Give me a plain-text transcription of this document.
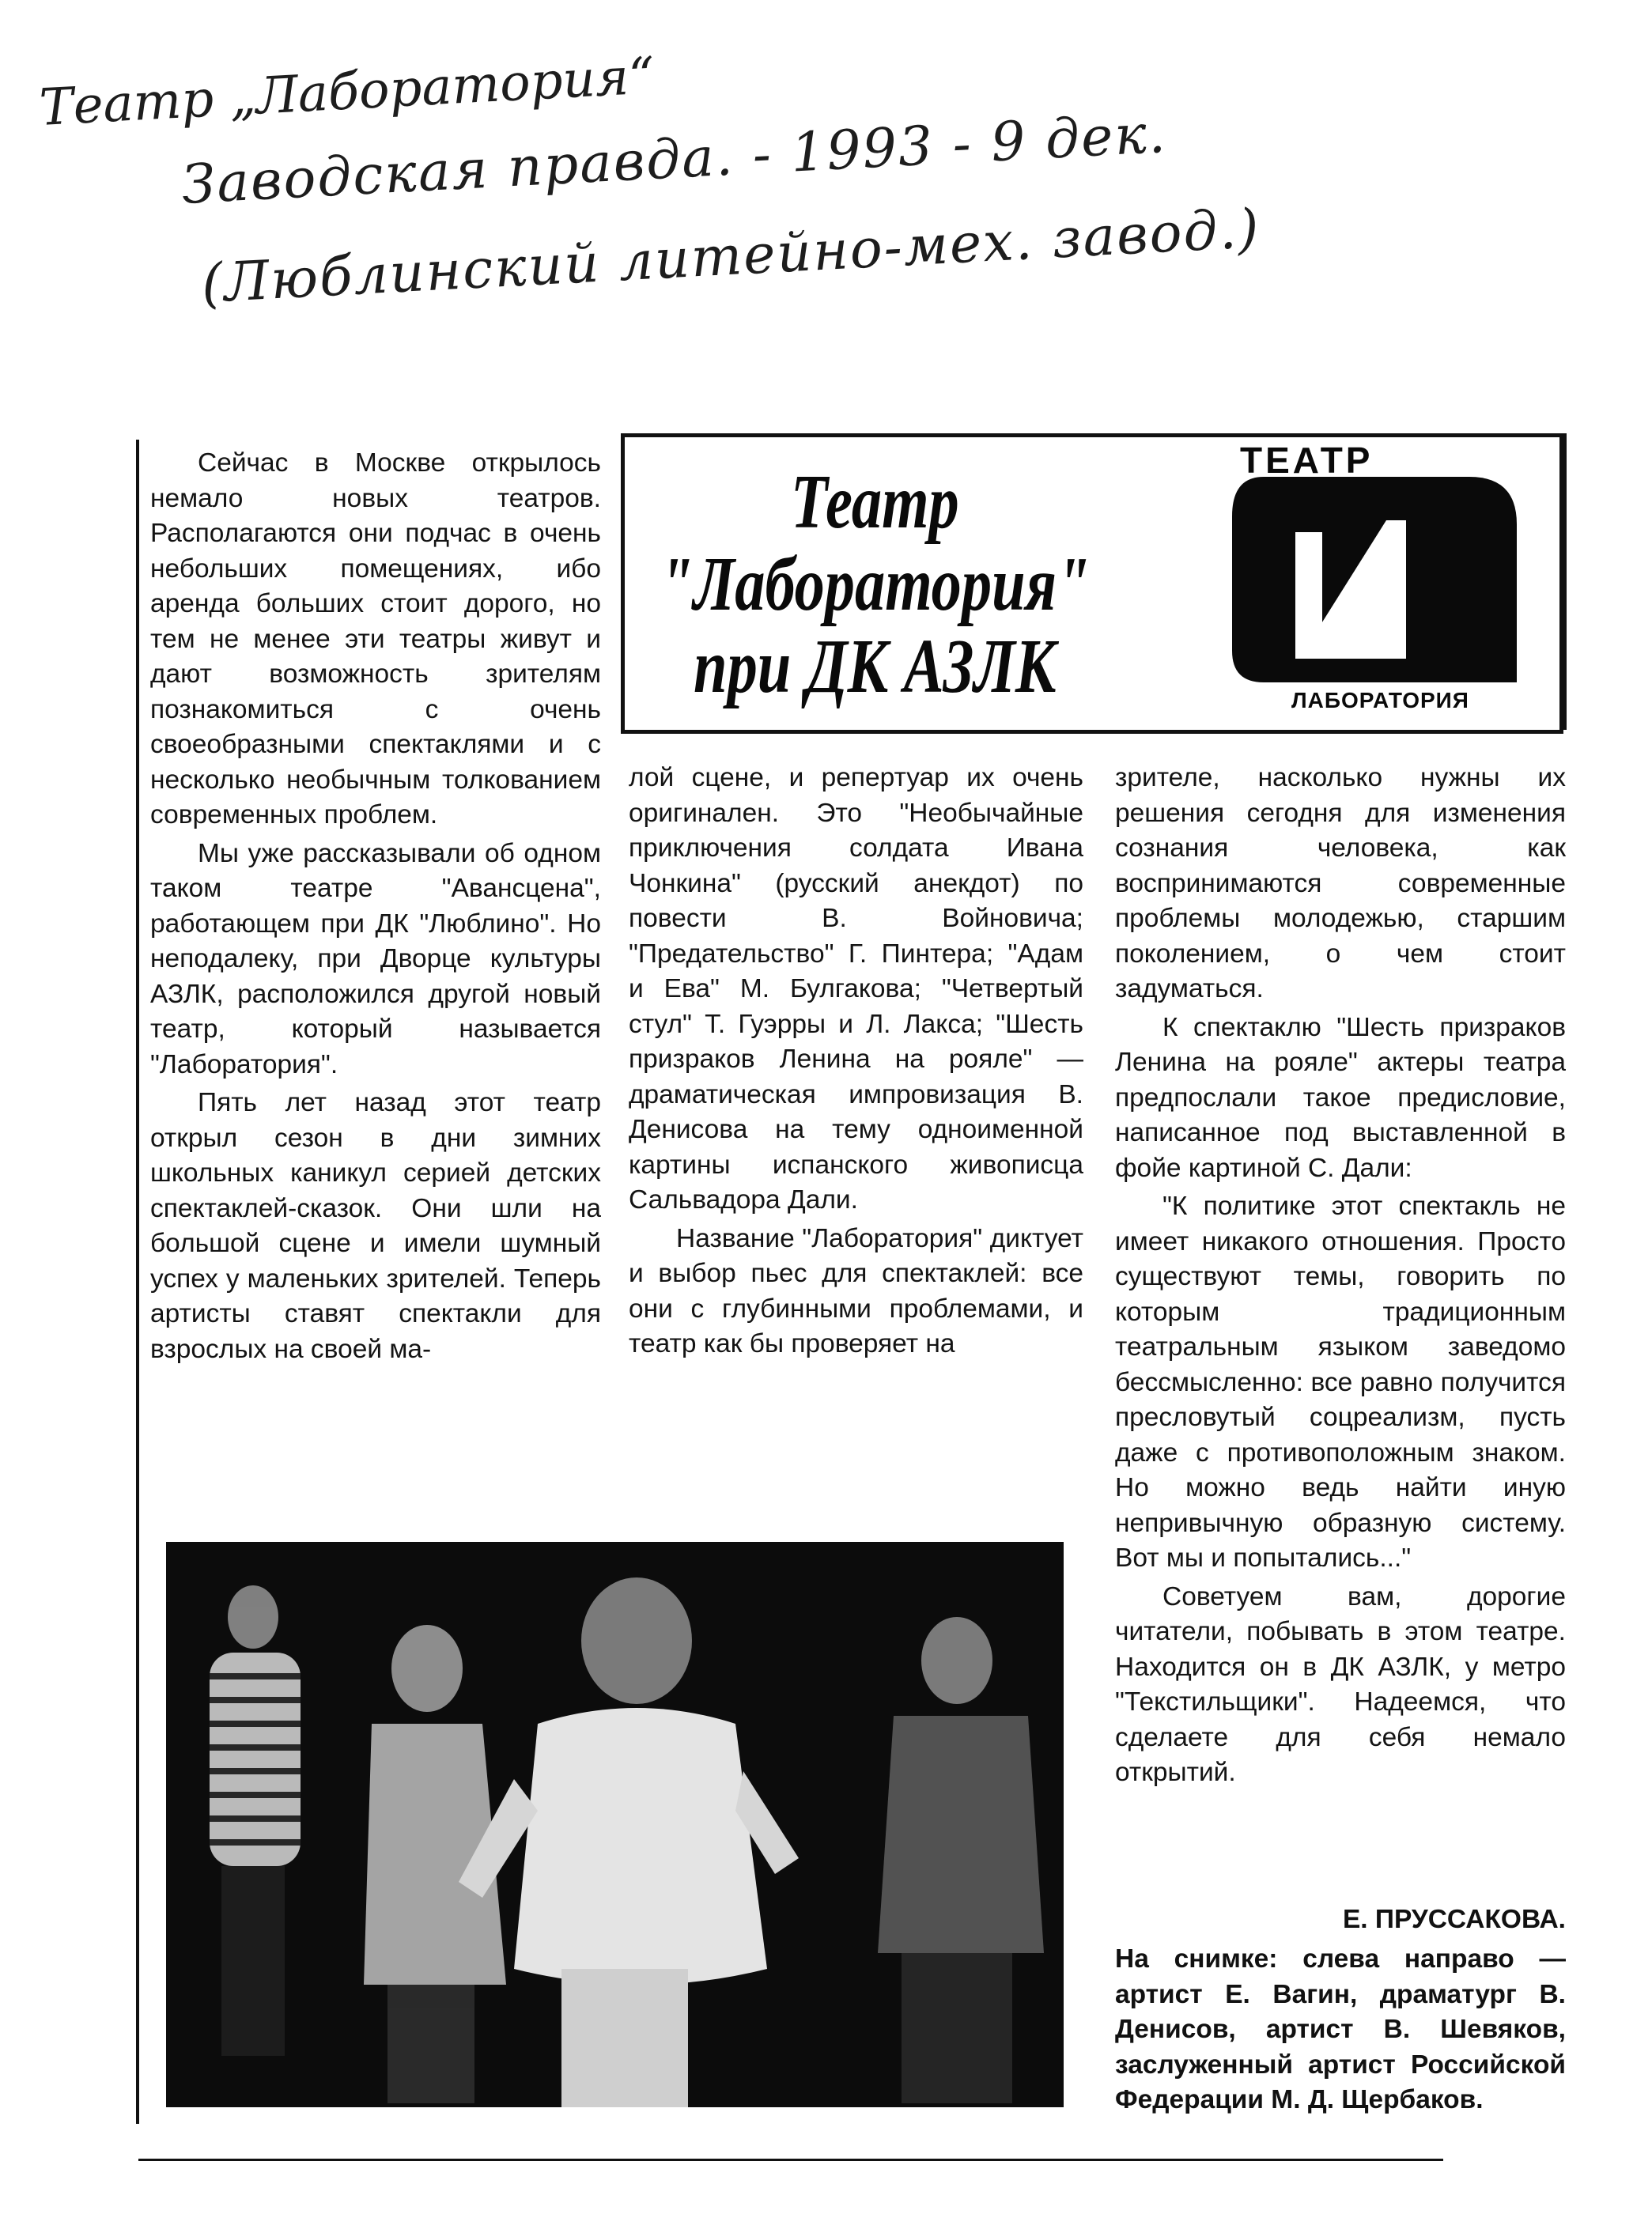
Театр „Лаборатория“
Заводская правда. - 1993 - 9 дек.
(Люблинский литейно-мех. завод.)

Сейчас в Москве открылось немало новых театров. Располагаются они подчас в очень небольших помещениях, ибо аренда больших стоит дорого, но тем не менее эти театры живут и дают возможность зрителям познакомиться с очень своеобразными спектаклями и с несколько необычным толкованием современных проблем.

Мы уже рассказывали об одном таком театре "Авансцена", работающем при ДК "Люблино". Но неподалеку, при Дворце культуры АЗЛК, расположился другой новый театр, который называется "Лаборатория".

Пять лет назад этот театр открыл сезон в дни зимних школьных каникул серией детских спектаклей-сказок. Они шли на большой сцене и имели шумный успех у маленьких зрителей. Теперь артисты ставят спектакли для взрослых на своей ма-

Театр
"Лаборатория"
при ДК АЗЛК
ТЕАТР
ЛАБОРАТОРИЯ

лой сцене, и репертуар их очень оригинален. Это "Необычайные приключения солдата Ивана Чонкина" (русский анекдот) по повести В. Войновича; "Предательство" Г. Пинтера; "Адам и Ева" М. Булгакова; "Четвертый стул" Т. Гуэрры и Л. Лакса; "Шесть призраков Ленина на рояле" — драматическая импровизация В. Денисова на тему одноименной картины испанского живописца Сальвадора Дали.

Название "Лаборатория" диктует и выбор пьес для спектаклей: все они с глубинными проблемами, и театр как бы проверяет на

зрителе, насколько нужны их решения сегодня для изменения сознания человека, как воспринимаются современные проблемы молодежью, старшим поколением, о чем стоит задуматься.

К спектаклю "Шесть призраков Ленина на рояле" актеры театра предпослали такое предисловие, написанное под выставленной в фойе картиной С. Дали:

"К политике этот спектакль не имеет никакого отношения. Просто существуют темы, говорить по которым традиционным театральным языком заведомо бессмысленно: все равно получится пресловутый соцреализм, пусть даже с противоположным знаком. Но можно ведь найти иную непривычную образную систему. Вот мы и попытались..."

Советуем вам, дорогие читатели, побывать в этом театре. Находится он в ДК АЗЛК, у метро "Текстильщики". Надеемся, что сделаете для себя немало открытий.

Е. ПРУССАКОВА.
На снимке: слева направо — артист Е. Вагин, драматург В. Денисов, артист В. Шевяков, заслуженный артист Российской Федерации М. Д. Щербаков.
